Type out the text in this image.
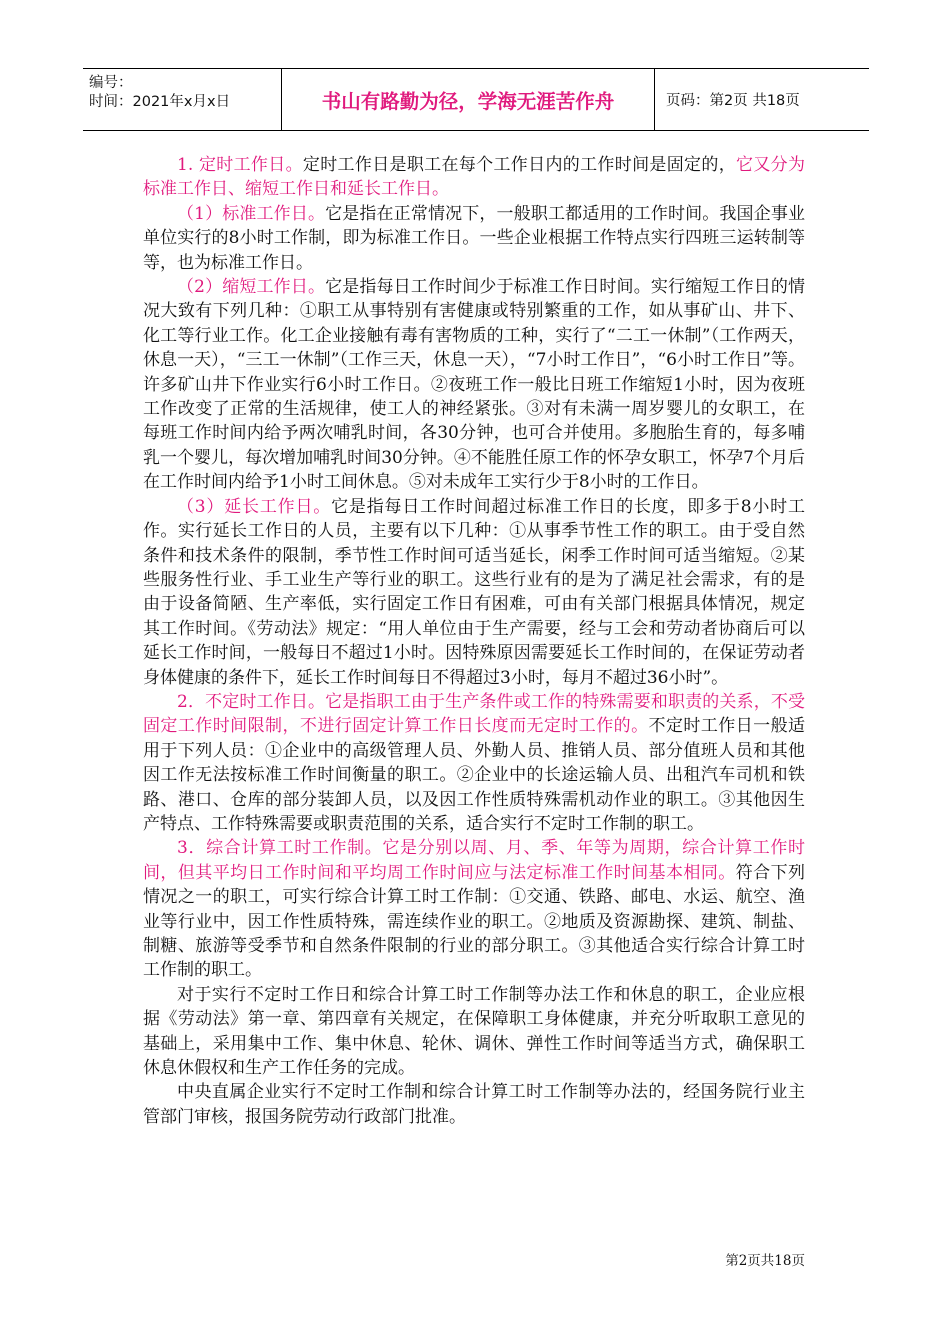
编号：
时间：2021年x月x日	书山有路勤为径，学海无涯苦作舟	页码：第2页 共18页

1. 定时工作日。定时工作日是职工在每个工作日内的工作时间是固定的，它又分为标准工作日、缩短工作日和延长工作日。

（1）标准工作日。它是指在正常情况下，一般职工都适用的工作时间。我国企事业单位实行的8小时工作制，即为标准工作日。一些企业根据工作特点实行四班三运转制等等，也为标准工作日。

（2）缩短工作日。它是指每日工作时间少于标准工作日时间。实行缩短工作日的情况大致有下列几种：①职工从事特别有害健康或特别繁重的工作，如从事矿山、井下、化工等行业工作。化工企业接触有毒有害物质的工种，实行了“二工一休制”（工作两天，休息一天），“三工一休制”（工作三天，休息一天），“7小时工作日”，“6小时工作日”等。许多矿山井下作业实行6小时工作日。②夜班工作一般比日班工作缩短1小时，因为夜班工作改变了正常的生活规律，使工人的神经紧张。③对有未满一周岁婴儿的女职工，在每班工作时间内给予两次哺乳时间，各30分钟，也可合并使用。多胞胎生育的，每多哺乳一个婴儿，每次增加哺乳时间30分钟。④不能胜任原工作的怀孕女职工，怀孕7个月后在工作时间内给予1小时工间休息。⑤对未成年工实行少于8小时的工作日。

（3）延长工作日。它是指每日工作时间超过标准工作日的长度，即多于8小时工作。实行延长工作日的人员，主要有以下几种：①从事季节性工作的职工。由于受自然条件和技术条件的限制，季节性工作时间可适当延长，闲季工作时间可适当缩短。②某些服务性行业、手工业生产等行业的职工。这些行业有的是为了满足社会需求，有的是由于设备简陋、生产率低，实行固定工作日有困难，可由有关部门根据具体情况，规定其工作时间。《劳动法》规定：“用人单位由于生产需要，经与工会和劳动者协商后可以延长工作时间，一般每日不超过1小时。因特殊原因需要延长工作时间的，在保证劳动者身体健康的条件下，延长工作时间每日不得超过3小时，每月不超过36小时”。

2．不定时工作日。它是指职工由于生产条件或工作的特殊需要和职责的关系，不受固定工作时间限制，不进行固定计算工作日长度而无定时工作的。不定时工作日一般适用于下列人员：①企业中的高级管理人员、外勤人员、推销人员、部分值班人员和其他因工作无法按标准工作时间衡量的职工。②企业中的长途运输人员、出租汽车司机和铁路、港口、仓库的部分装卸人员，以及因工作性质特殊需机动作业的职工。③其他因生产特点、工作特殊需要或职责范围的关系，适合实行不定时工作制的职工。

3．综合计算工时工作制。它是分别以周、月、季、年等为周期，综合计算工作时间，但其平均日工作时间和平均周工作时间应与法定标准工作时间基本相同。符合下列情况之一的职工，可实行综合计算工时工作制：①交通、铁路、邮电、水运、航空、渔业等行业中，因工作性质特殊，需连续作业的职工。②地质及资源勘探、建筑、制盐、制糖、旅游等受季节和自然条件限制的行业的部分职工。③其他适合实行综合计算工时工作制的职工。

对于实行不定时工作日和综合计算工时工作制等办法工作和休息的职工，企业应根据《劳动法》第一章、第四章有关规定，在保障职工身体健康，并充分听取职工意见的基础上，采用集中工作、集中休息、轮休、调休、弹性工作时间等适当方式，确保职工休息休假权和生产工作任务的完成。

中央直属企业实行不定时工作制和综合计算工时工作制等办法的，经国务院行业主管部门审核，报国务院劳动行政部门批准。

第2页共18页
